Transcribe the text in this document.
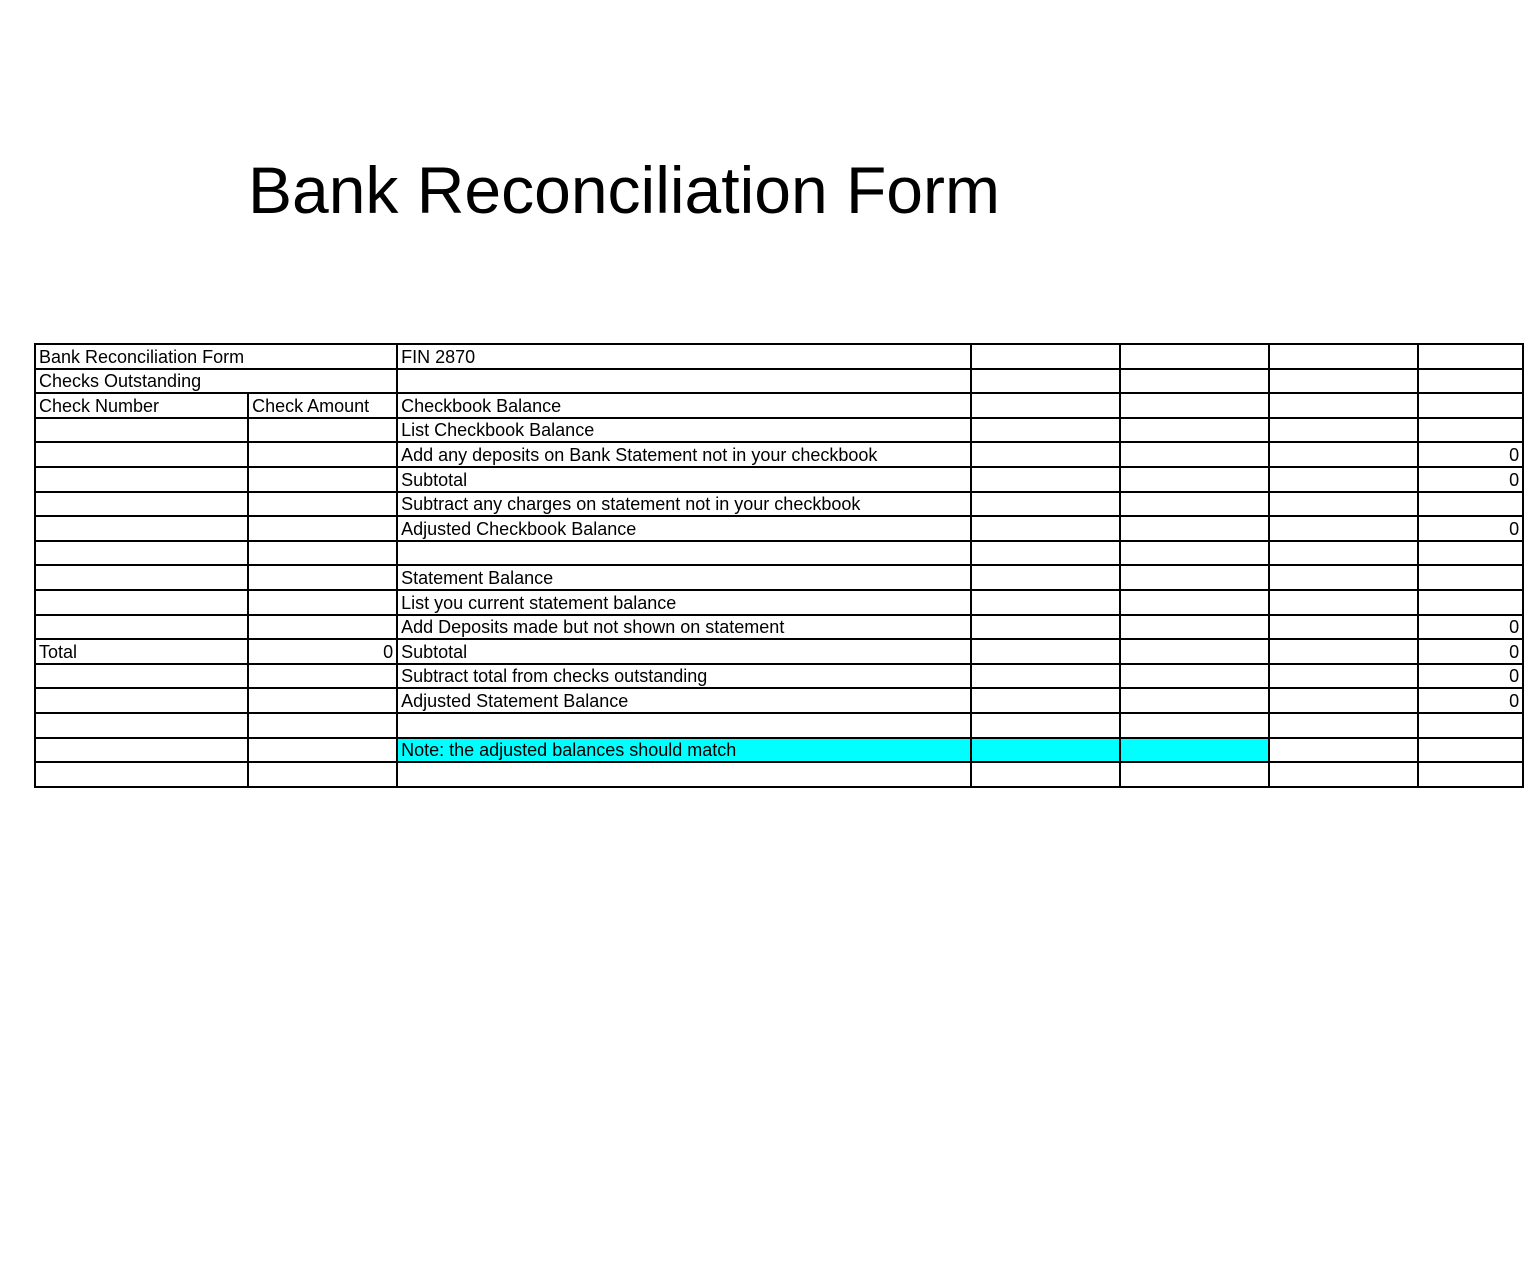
Bank Reconciliation Form
Bank Reconciliation Form		FIN 2870				
Checks Outstanding						
Check Number	Check Amount	Checkbook Balance				
		List Checkbook Balance				
		Add any deposits on Bank Statement not in your checkbook				0
		Subtotal				0
		Subtract any charges on statement not in your checkbook				
		Adjusted Checkbook Balance				0

		Statement Balance				
		List you current statement balance				
		Add Deposits made but not shown on statement				0
Total	0	Subtotal				0
		Subtract total from checks outstanding				0
		Adjusted Statement Balance				0

		Note: the adjusted balances should match				
